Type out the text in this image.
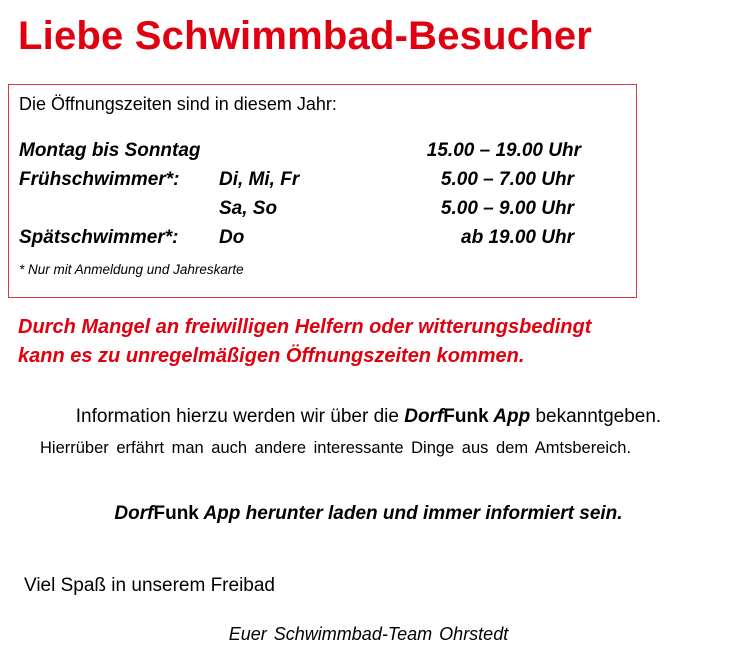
Liebe Schwimmbad-Besucher
Die Öffnungszeiten sind in diesem Jahr:
Montag bis Sonntag	15.00 – 19.00 Uhr
Frühschwimmer*: Di, Mi, Fr	5.00 – 7.00 Uhr
Sa, So	5.00 – 9.00 Uhr
Spätschwimmer*: Do	ab 19.00 Uhr
* Nur mit Anmeldung und Jahreskarte
Durch Mangel an freiwilligen Helfern oder witterungsbedingt
kann es zu unregelmäßigen Öffnungszeiten kommen.
Information hierzu werden wir über die DorfFunk App bekanntgeben.
Hierrüber erfährt man auch andere interessante Dinge aus dem Amtsbereich.
DorfFunk App herunter laden und immer informiert sein.
Viel Spaß in unserem Freibad
Euer Schwimmbad-Team Ohrstedt
